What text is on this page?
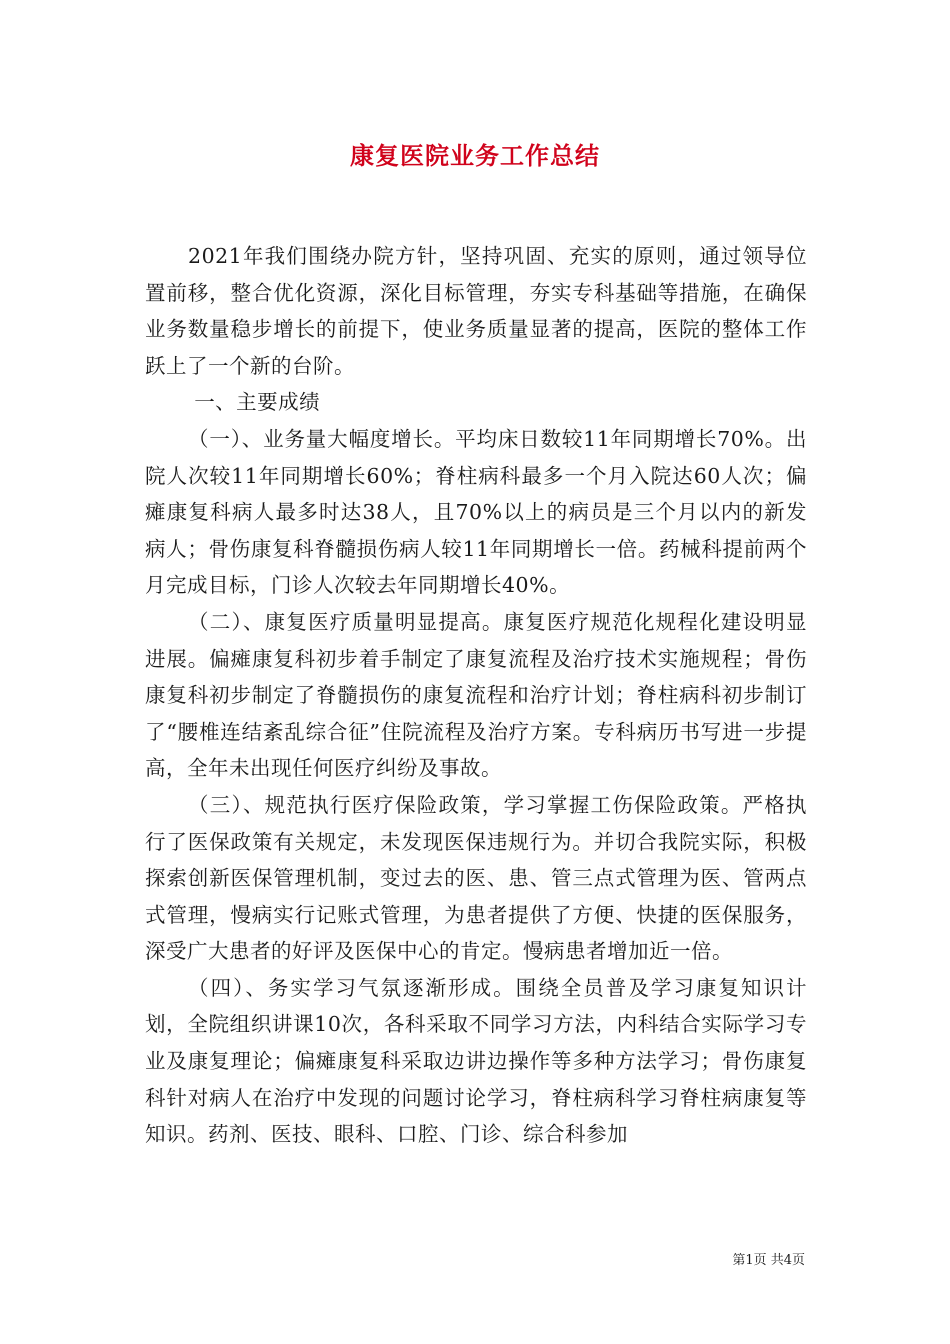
康复医院业务工作总结

2021年我们围绕办院方针，坚持巩固、充实的原则，通过领导位置前移，整合优化资源，深化目标管理，夯实专科基础等措施，在确保业务数量稳步增长的前提下，使业务质量显著的提高，医院的整体工作跃上了一个新的台阶。

一、主要成绩

（一）、业务量大幅度增长。平均床日数较11年同期增长70%。出院人次较11年同期增长60%；脊柱病科最多一个月入院达60人次；偏瘫康复科病人最多时达38人，且70%以上的病员是三个月以内的新发病人；骨伤康复科脊髓损伤病人较11年同期增长一倍。药械科提前两个月完成目标，门诊人次较去年同期增长40%。

（二）、康复医疗质量明显提高。康复医疗规范化规程化建设明显进展。偏瘫康复科初步着手制定了康复流程及治疗技术实施规程；骨伤康复科初步制定了脊髓损伤的康复流程和治疗计划；脊柱病科初步制订了“腰椎连结紊乱综合征”住院流程及治疗方案。专科病历书写进一步提高，全年未出现任何医疗纠纷及事故。

（三）、规范执行医疗保险政策，学习掌握工伤保险政策。严格执行了医保政策有关规定，未发现医保违规行为。并切合我院实际，积极探索创新医保管理机制，变过去的医、患、管三点式管理为医、管两点式管理，慢病实行记账式管理，为患者提供了方便、快捷的医保服务，深受广大患者的好评及医保中心的肯定。慢病患者增加近一倍。

（四）、务实学习气氛逐渐形成。围绕全员普及学习康复知识计划，全院组织讲课10次，各科采取不同学习方法，内科结合实际学习专业及康复理论；偏瘫康复科采取边讲边操作等多种方法学习；骨伤康复科针对病人在治疗中发现的问题讨论学习，脊柱病科学习脊柱病康复等知识。药剂、医技、眼科、口腔、门诊、综合科参加

第1页 共4页
